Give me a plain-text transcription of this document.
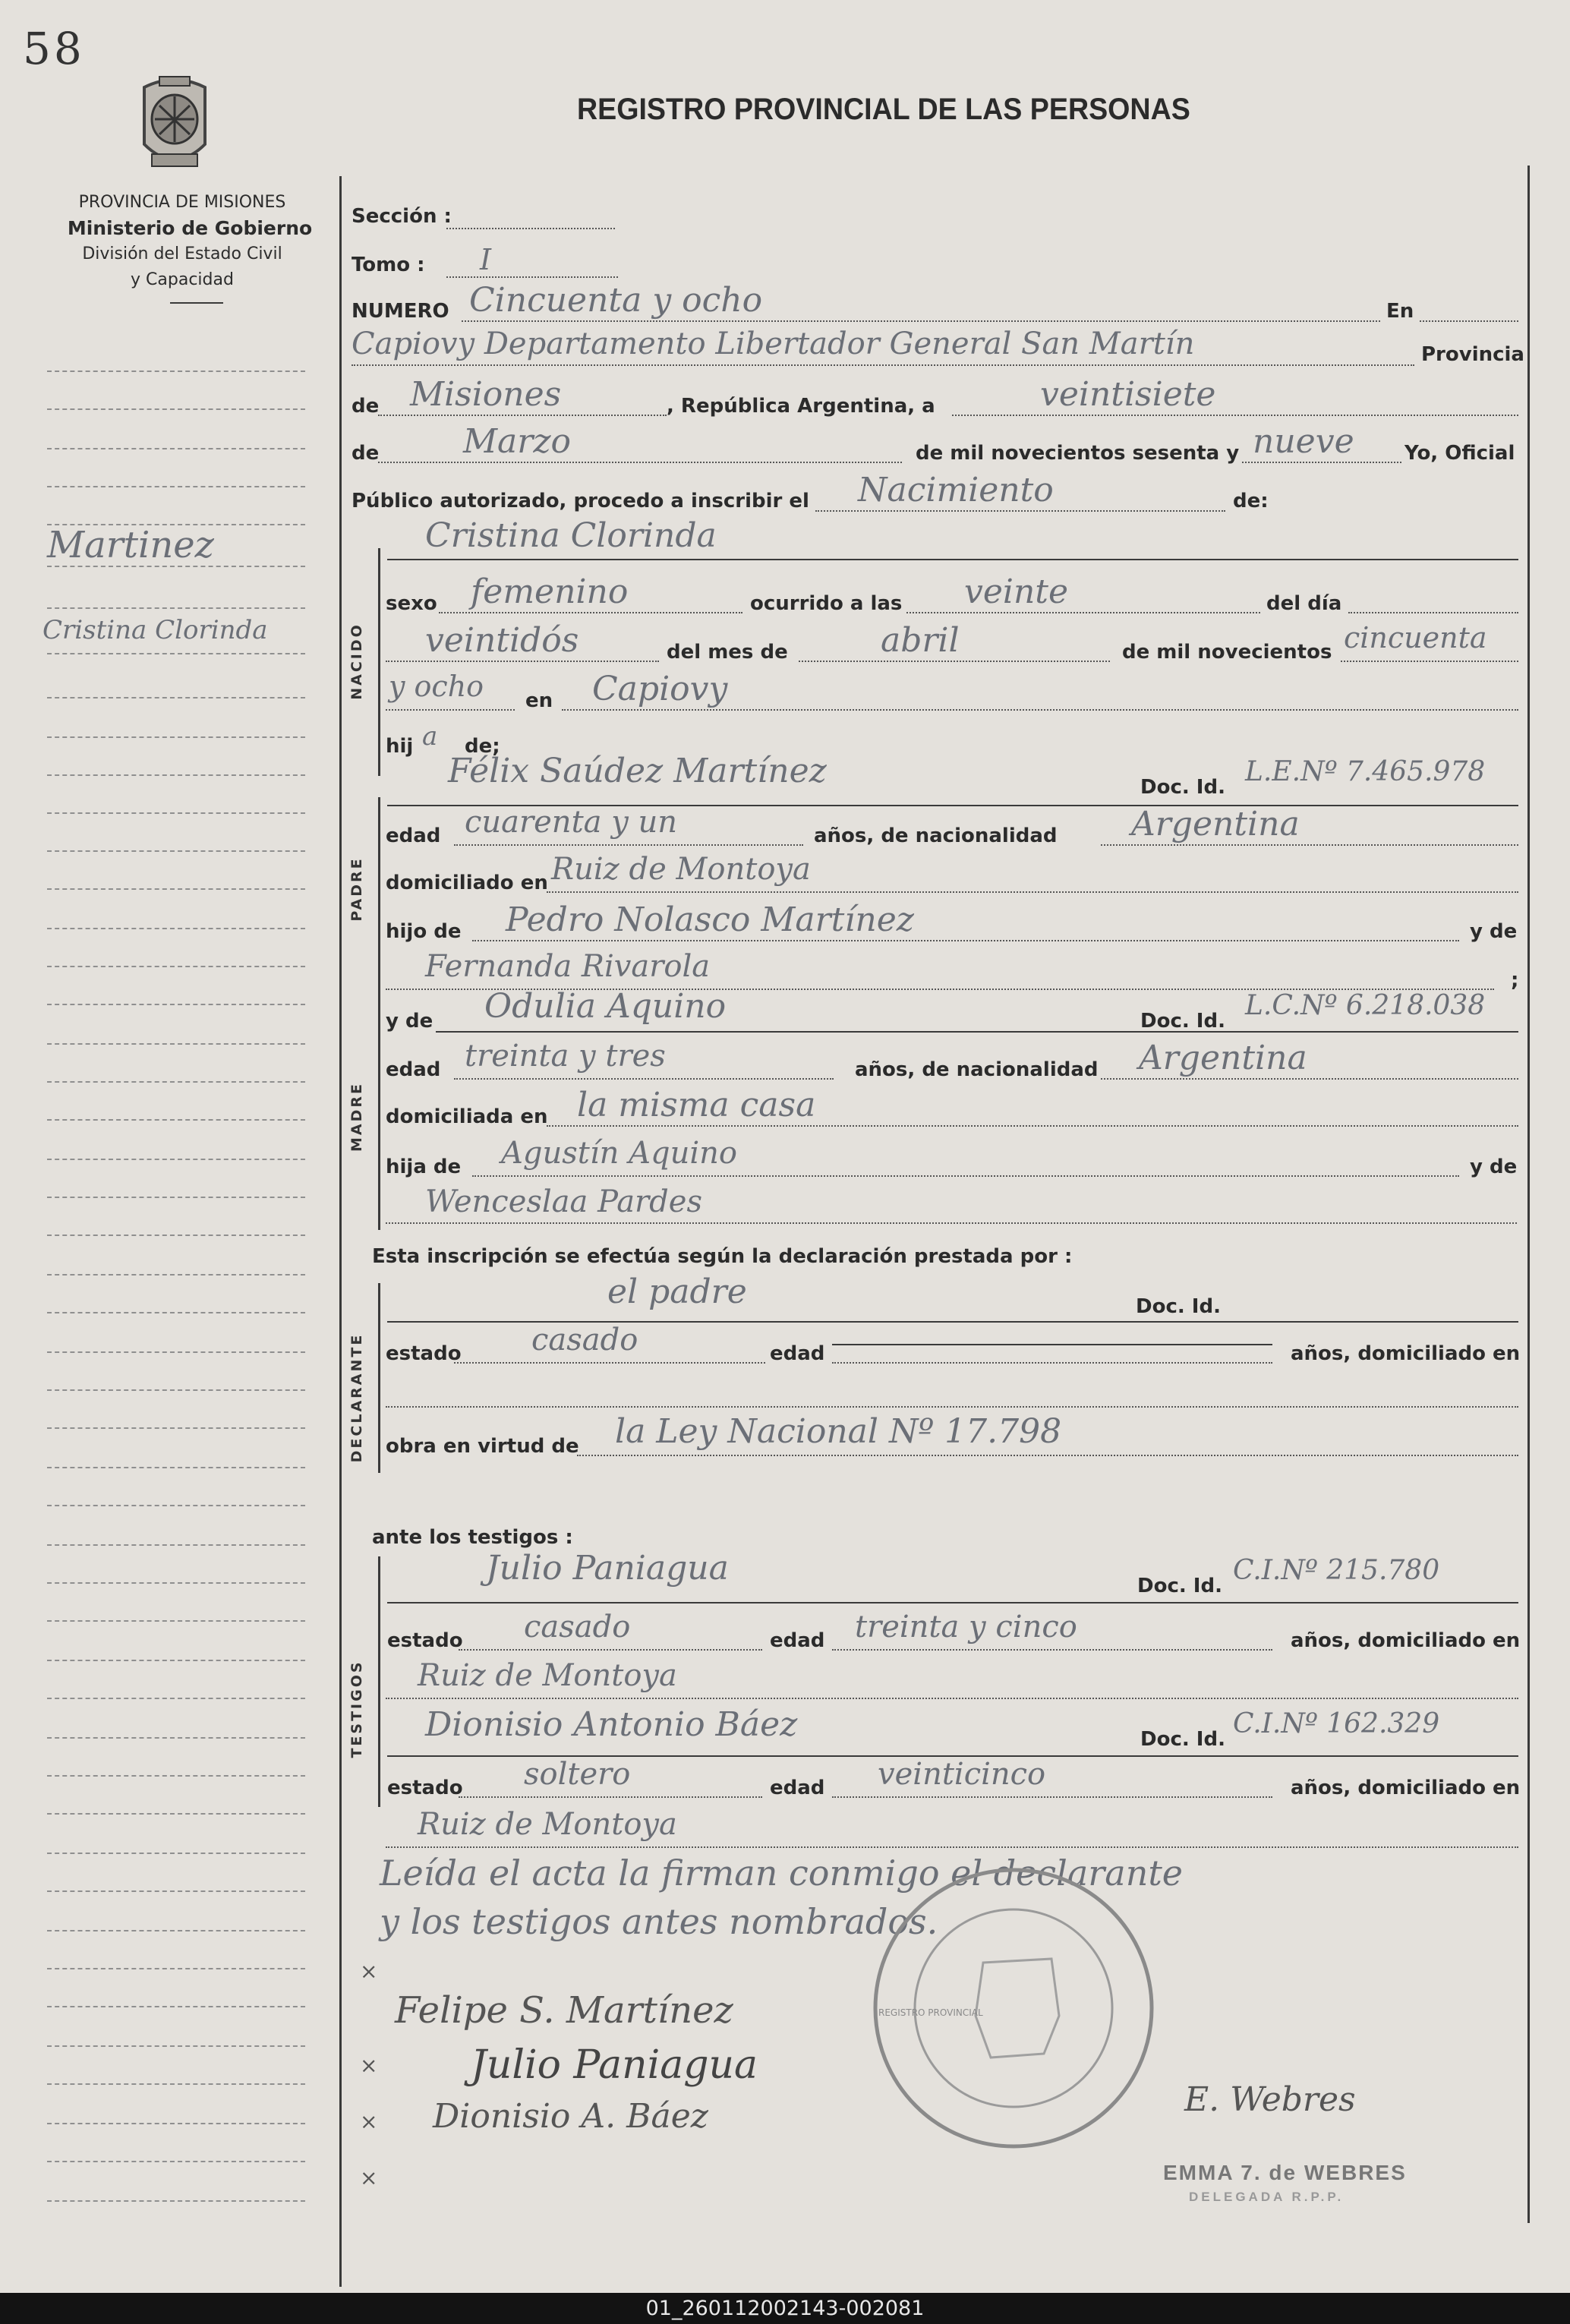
58
REGISTRO PROVINCIAL DE LAS PERSONAS
PROVINCIA DE MISIONES
Ministerio de Gobierno
División del Estado Civil
y Capacidad
Martinez
Cristina Clorinda	NACIDO
PADRE
MADRE
DECLARANTE
TESTIGOS
Sección :
Tomo : I
NUMERO Cincuenta y ocho	En
Capiovy Departamento Libertador General San Martín	Provincia
de Misiones	, República Argentina, a	veintisiete
de	Marzo	de mil novecientos sesenta y nueve	Yo, Oficial
Público autorizado, procedo a inscribir el Nacimiento	de:
Cristina Clorinda
sexo femenino	ocurrido a las veinte	del día
veintidós	del mes de	abril	de mil novecientos cincuenta
y ocho en Capiovy
hij a de;
Félix Saúdez Martínez	Doc. Id. L.E.Nº 7.465.978
edad cuarenta y un	años, de nacionalidad Argentina
domiciliado en Ruiz de Montoya
hijo de Pedro Nolasco Martínez	y de
Fernanda Rivarola	;
y de Odulia Aquino	Doc. Id. L.C.Nº 6.218.038
edad treinta y tres	años, de nacionalidad Argentina
domiciliada en la misma casa
hija de Agustín Aquino	y de
Wenceslaa Pardes
Esta inscripción se efectúa según la declaración prestada por :
el padre	Doc. Id.
estado casado	edad	años, domiciliado en
obra en virtud de la Ley Nacional Nº 17.798
ante los testigos :
Julio Paniagua	Doc. Id. C.I.Nº 215.780
estado casado	edad treinta y cinco	años, domiciliado en
Ruiz de Montoya
Dionisio Antonio Báez	Doc. Id. C.I.Nº 162.329
estado soltero	edad veinticinco	años, domiciliado en
Ruiz de Montoya
Leída el acta la firman conmigo el declarante
y los testigos antes nombrados.
REGISTRO PROVINCIAL
Felipe S. Martínez
Julio Paniagua
Dionisio A. Báez	E. Webres
×
×
×
×	EMMA 7. de WEBRES
DELEGADA R.P.P.
01_260112002143-002081
